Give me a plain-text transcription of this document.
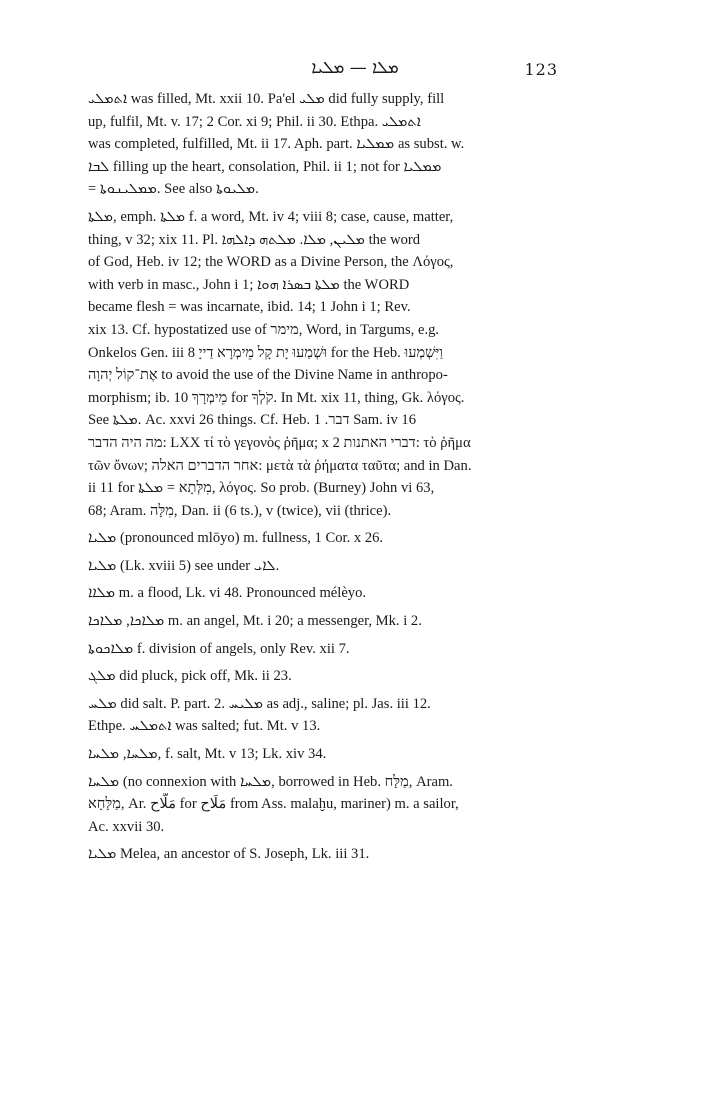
ܡܠܐ — ܡܠܝܐ	123
ܐܬܡܠܝ was filled, Mt. xxii 10. Pa'el ܡܠܝ did fully supply, fill
up, fulfil, Mt. v. 17; 2 Cor. xi 9; Phil. ii 30. Ethpa. ܐܬܡܠܝ
was completed, fulfilled, Mt. ii 17. Aph. part. ܡܡܠܝܐ as subst. w.
ܠܒܐ filling up the heart, consolation, Phil. ii 1; not for ܡܡܠܝܐ
= ܡܡܠܝܢܘܬܐ. See also ܡܠܝܘܬܐ.
ܡܠܬܐ, emph. ܡܠܬܐ f. a word, Mt. iv 4; viii 8; case, cause, matter,
thing, v 32; xix 11. Pl. ܡܠܝܢ, ܡܠܐ. ܡܠܬܗ ܕܐܠܗܐ the word
of God, Heb. iv 12; the WORD as a Divine Person, the Λόγος,
with verb in masc., John i 1; ܡܠܬܐ ܒܣܪܐ ܗܘܐ the WORD
became flesh = was incarnate, ibid. 14; 1 John i 1; Rev.
xix 13. Cf. hypostatized use of מימר, Word, in Targums, e.g.
Onkelos Gen. iii 8 וּשְׁמַעוּ יָת קָל מֵימְרָא דַייָ for the Heb. וַיִּשְׁמְעוּ
אֶת־קוֹל יְהוָה to avoid the use of the Divine Name in anthropo-
morphism; ib. 10 מֵימְרָךְ for קֹלְךָ. In Mt. xix 11, thing, Gk. λόγος.
See ܡܠܬܐ. Ac. xxvi 26 things. Cf. Heb. דבר. 1 Sam. iv 16
מה היה הדבר: LXX τί τὸ γεγονὸς ῥῆμα; x 2 דברי האתנות: τὸ ῥῆμα
τῶν ὄνων; אחר הדברים האלה: μετὰ τὰ ῥήματα ταῦτα; and in Dan.
ii 11 for מִלְּתָא = ܡܠܬܐ, λόγος. So prob. (Burney) John vi 63,
68; Aram. מִלָּה, Dan. ii (6 ts.), v (twice), vii (thrice).
ܡܠܝܐ (pronounced mlōyo) m. fullness, 1 Cor. x 26.
ܡܠܝܐ (Lk. xviii 5) see under ܠܐܝ.
ܡܠܐܐ m. a flood, Lk. vi 48. Pronounced mélèyo.
ܡܠܐܟܐ, ܡܠܐܟܐ m. an angel, Mt. i 20; a messenger, Mk. i 2.
ܡܠܐܟܘܬܐ f. division of angels, only Rev. xii 7.
ܡܠܓ did pluck, pick off, Mk. ii 23.
ܡܠܚ did salt. P. part. 2. ܡܠܝܚ as adj., saline; pl. Jas. iii 12.
Ethpe. ܐܬܡܠܚ was salted; fut. Mt. v 13.
ܡܠܚܐ, ܡܠܚܐ, f. salt, Mt. v 13; Lk. xiv 34.
ܡܠܚܐ (no connexion with ܡܠܚܐ, borrowed in Heb. מַלָּח, Aram.
מַלָּחָא, Ar. مَلَّاح for مَلَاح from Ass. malaḫu, mariner) m. a sailor,
Ac. xxvii 30.
ܡܠܝܐ Melea, an ancestor of S. Joseph, Lk. iii 31.
